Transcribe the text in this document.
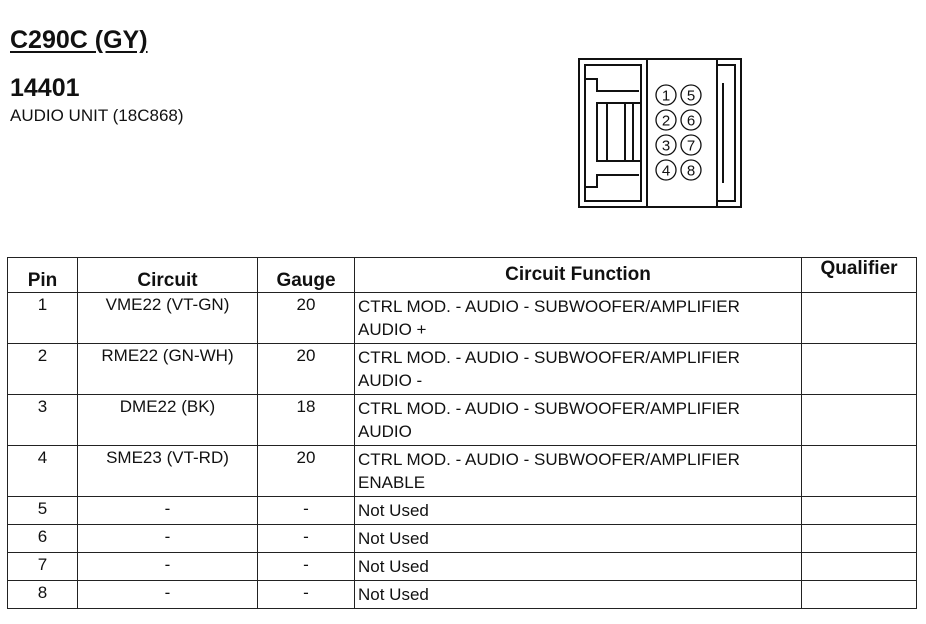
C290C (GY)
14401
AUDIO UNIT (18C868)
1
2
3
4
5
6
7
8
Pin	Circuit	Gauge	Circuit Function	Qualifier
1	VME22 (VT-GN)	20	CTRL MOD. - AUDIO - SUBWOOFER/AMPLIFIER
AUDIO +	

2	RME22 (GN-WH)	20	CTRL MOD. - AUDIO - SUBWOOFER/AMPLIFIER
AUDIO -	

3	DME22 (BK)	18	CTRL MOD. - AUDIO - SUBWOOFER/AMPLIFIER
AUDIO	

4	SME23 (VT-RD)	20	CTRL MOD. - AUDIO - SUBWOOFER/AMPLIFIER
ENABLE	

5	-	-	Not Used	
6	-	-	Not Used	
7	-	-	Not Used	
8	-	-	Not Used	
